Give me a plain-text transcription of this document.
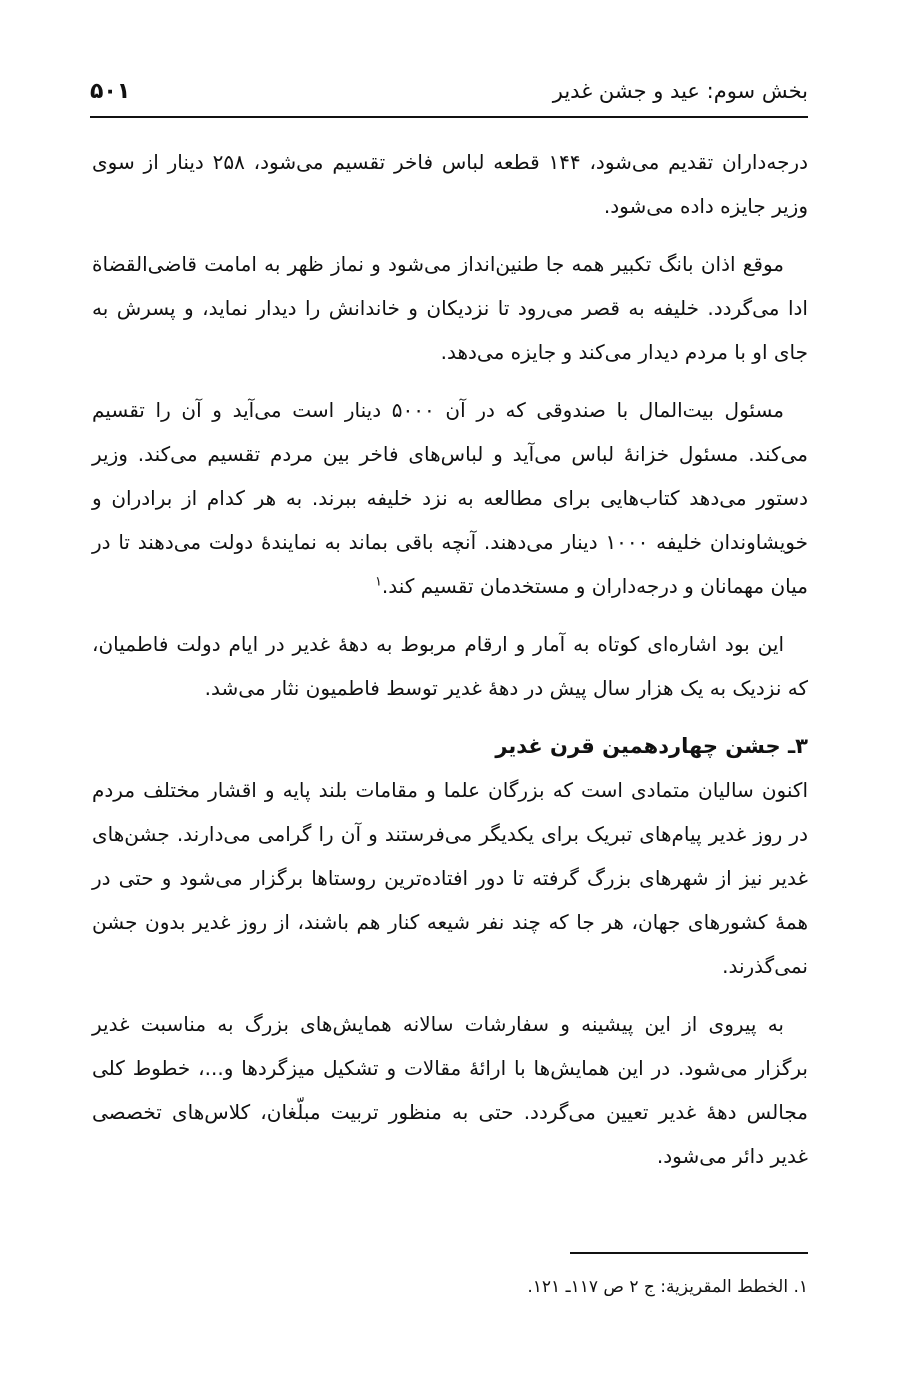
بخش سوم: عید و جشن غدیر
۵۰۱

درجه‌داران تقدیم می‌شود، ۱۴۴ قطعه لباس فاخر تقسیم می‌شود، ۲۵۸ دینار از سوی وزیر جایزه داده می‌شود.

موقع اذان بانگ تکبیر همه جا طنین‌انداز می‌شود و نماز ظهر به امامت قاضی‌القضاة ادا می‌گردد. خلیفه به قصر می‌رود تا نزدیکان و خاندانش را دیدار نماید، و پسرش به جای او با مردم دیدار می‌کند و جایزه می‌دهد.

مسئول بیت‌المال با صندوقی که در آن ۵۰۰۰ دینار است می‌آید و آن را تقسیم می‌کند. مسئول خزانهٔ لباس می‌آید و لباس‌های فاخر بین مردم تقسیم می‌کند. وزیر دستور می‌دهد کتاب‌هایی برای مطالعه به نزد خلیفه ببرند. به هر کدام از برادران و خویشاوندان خلیفه ۱۰۰۰ دینار می‌دهند. آنچه باقی بماند به نمایندهٔ دولت می‌دهند تا در میان مهمانان و درجه‌داران و مستخدمان تقسیم کند.$^۱$

این بود اشاره‌ای کوتاه به آمار و ارقام مربوط به دههٔ غدیر در ایام دولت فاطمیان، که نزدیک به یک هزار سال پیش در دههٔ غدیر توسط فاطمیون نثار می‌شد.

۳ـ جشن چهاردهمین قرن غدیر

اکنون سالیان متمادی است که بزرگان علما و مقامات بلند پایه و اقشار مختلف مردم در روز غدیر پیام‌های تبریک برای یکدیگر می‌فرستند و آن را گرامی می‌دارند. جشن‌های غدیر نیز از شهرهای بزرگ گرفته تا دور افتاده‌ترین روستاها برگزار می‌شود و حتی در همهٔ کشورهای جهان، هر جا که چند نفر شیعه کنار هم باشند، از روز غدیر بدون جشن نمی‌گذرند.

به پیروی از این پیشینه و سفارشات سالانه همایش‌های بزرگ به مناسبت غدیر برگزار می‌شود. در این همایش‌ها با ارائهٔ مقالات و تشکیل میزگردها و...، خطوط کلی مجالس دههٔ غدیر تعیین می‌گردد. حتی به منظور تربیت مبلّغان، کلاس‌های تخصصی غدیر دائر می‌شود.

۱. الخطط المقریزیة: ج ۲ ص ۱۱۷ـ ۱۲۱.
